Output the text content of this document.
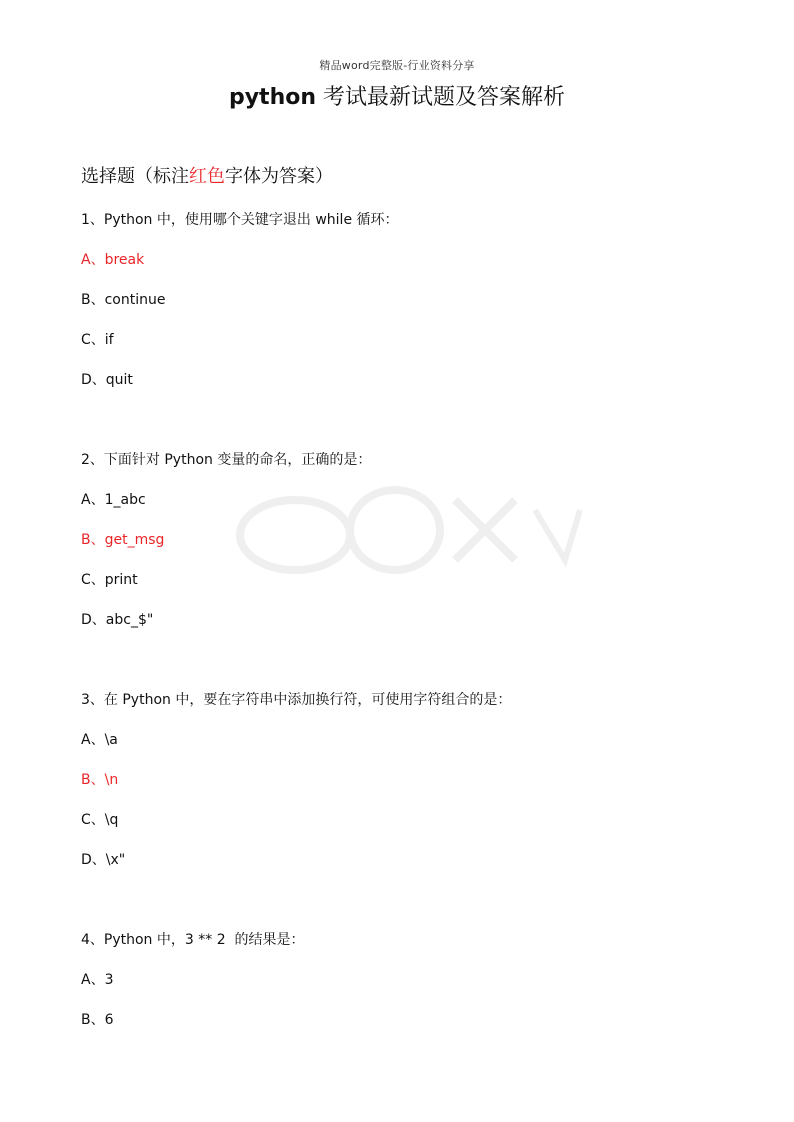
精品word完整版-行业资料分享
python 考试最新试题及答案解析
选择题（标注红色字体为答案）
1、Python 中，使用哪个关键字退出 while 循环：
A、break
B、continue
C、if
D、quit
2、下面针对 Python 变量的命名，正确的是：
A、1_abc
B、get_msg
C、print
D、abc_$"
3、在 Python 中，要在字符串中添加换行符，可使用字符组合的是：
A、\a
B、\n
C、\q
D、\x"
4、Python 中，3 ** 2  的结果是：
A、3
B、6
